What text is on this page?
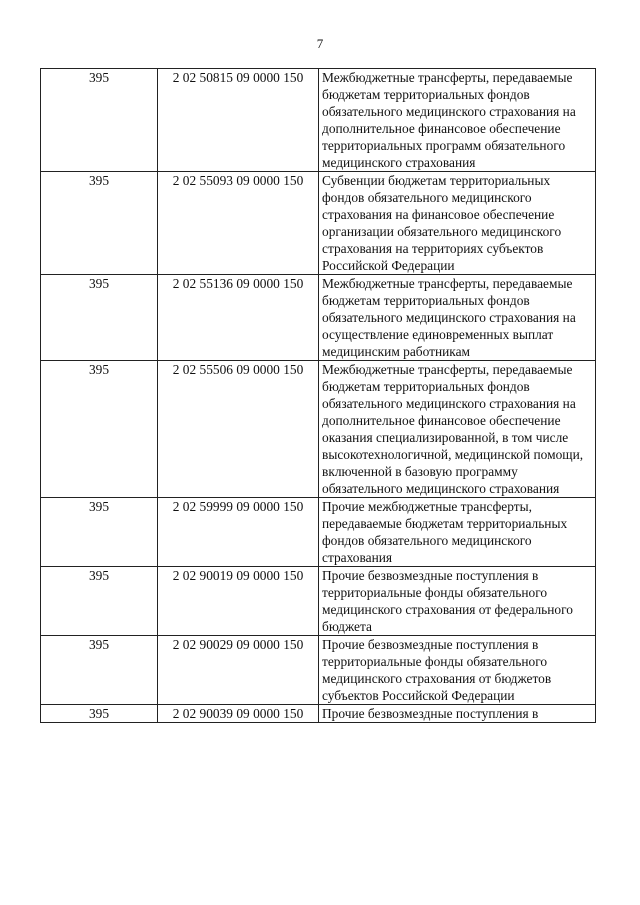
7
395	2 02 50815 09 0000 150	Межбюджетные трансферты, передаваемые бюджетам территориальных фондов обязательного медицинского страхования на дополнительное финансовое обеспечение территориальных программ обязательного медицинского страхования
395	2 02 55093 09 0000 150	Субвенции бюджетам территориальных фондов обязательного медицинского страхования на финансовое обеспечение организации обязательного медицинского страхования на территориях субъектов Российской Федерации
395	2 02 55136 09 0000 150	Межбюджетные трансферты, передаваемые бюджетам территориальных фондов обязательного медицинского страхования на осуществление единовременных выплат медицинским работникам
395	2 02 55506 09 0000 150	Межбюджетные трансферты, передаваемые бюджетам территориальных фондов обязательного медицинского страхования на дополнительное финансовое обеспечение оказания специализированной, в том числе высокотехнологичной, медицинской помощи, включенной в базовую программу обязательного медицинского страхования
395	2 02 59999 09 0000 150	Прочие межбюджетные трансферты, передаваемые бюджетам территориальных фондов обязательного медицинского страхования
395	2 02 90019 09 0000 150	Прочие безвозмездные поступления в территориальные фонды обязательного медицинского страхования от федерального бюджета
395	2 02 90029 09 0000 150	Прочие безвозмездные поступления в территориальные фонды обязательного медицинского страхования от бюджетов субъектов Российской Федерации
395	2 02 90039 09 0000 150	Прочие безвозмездные поступления в
